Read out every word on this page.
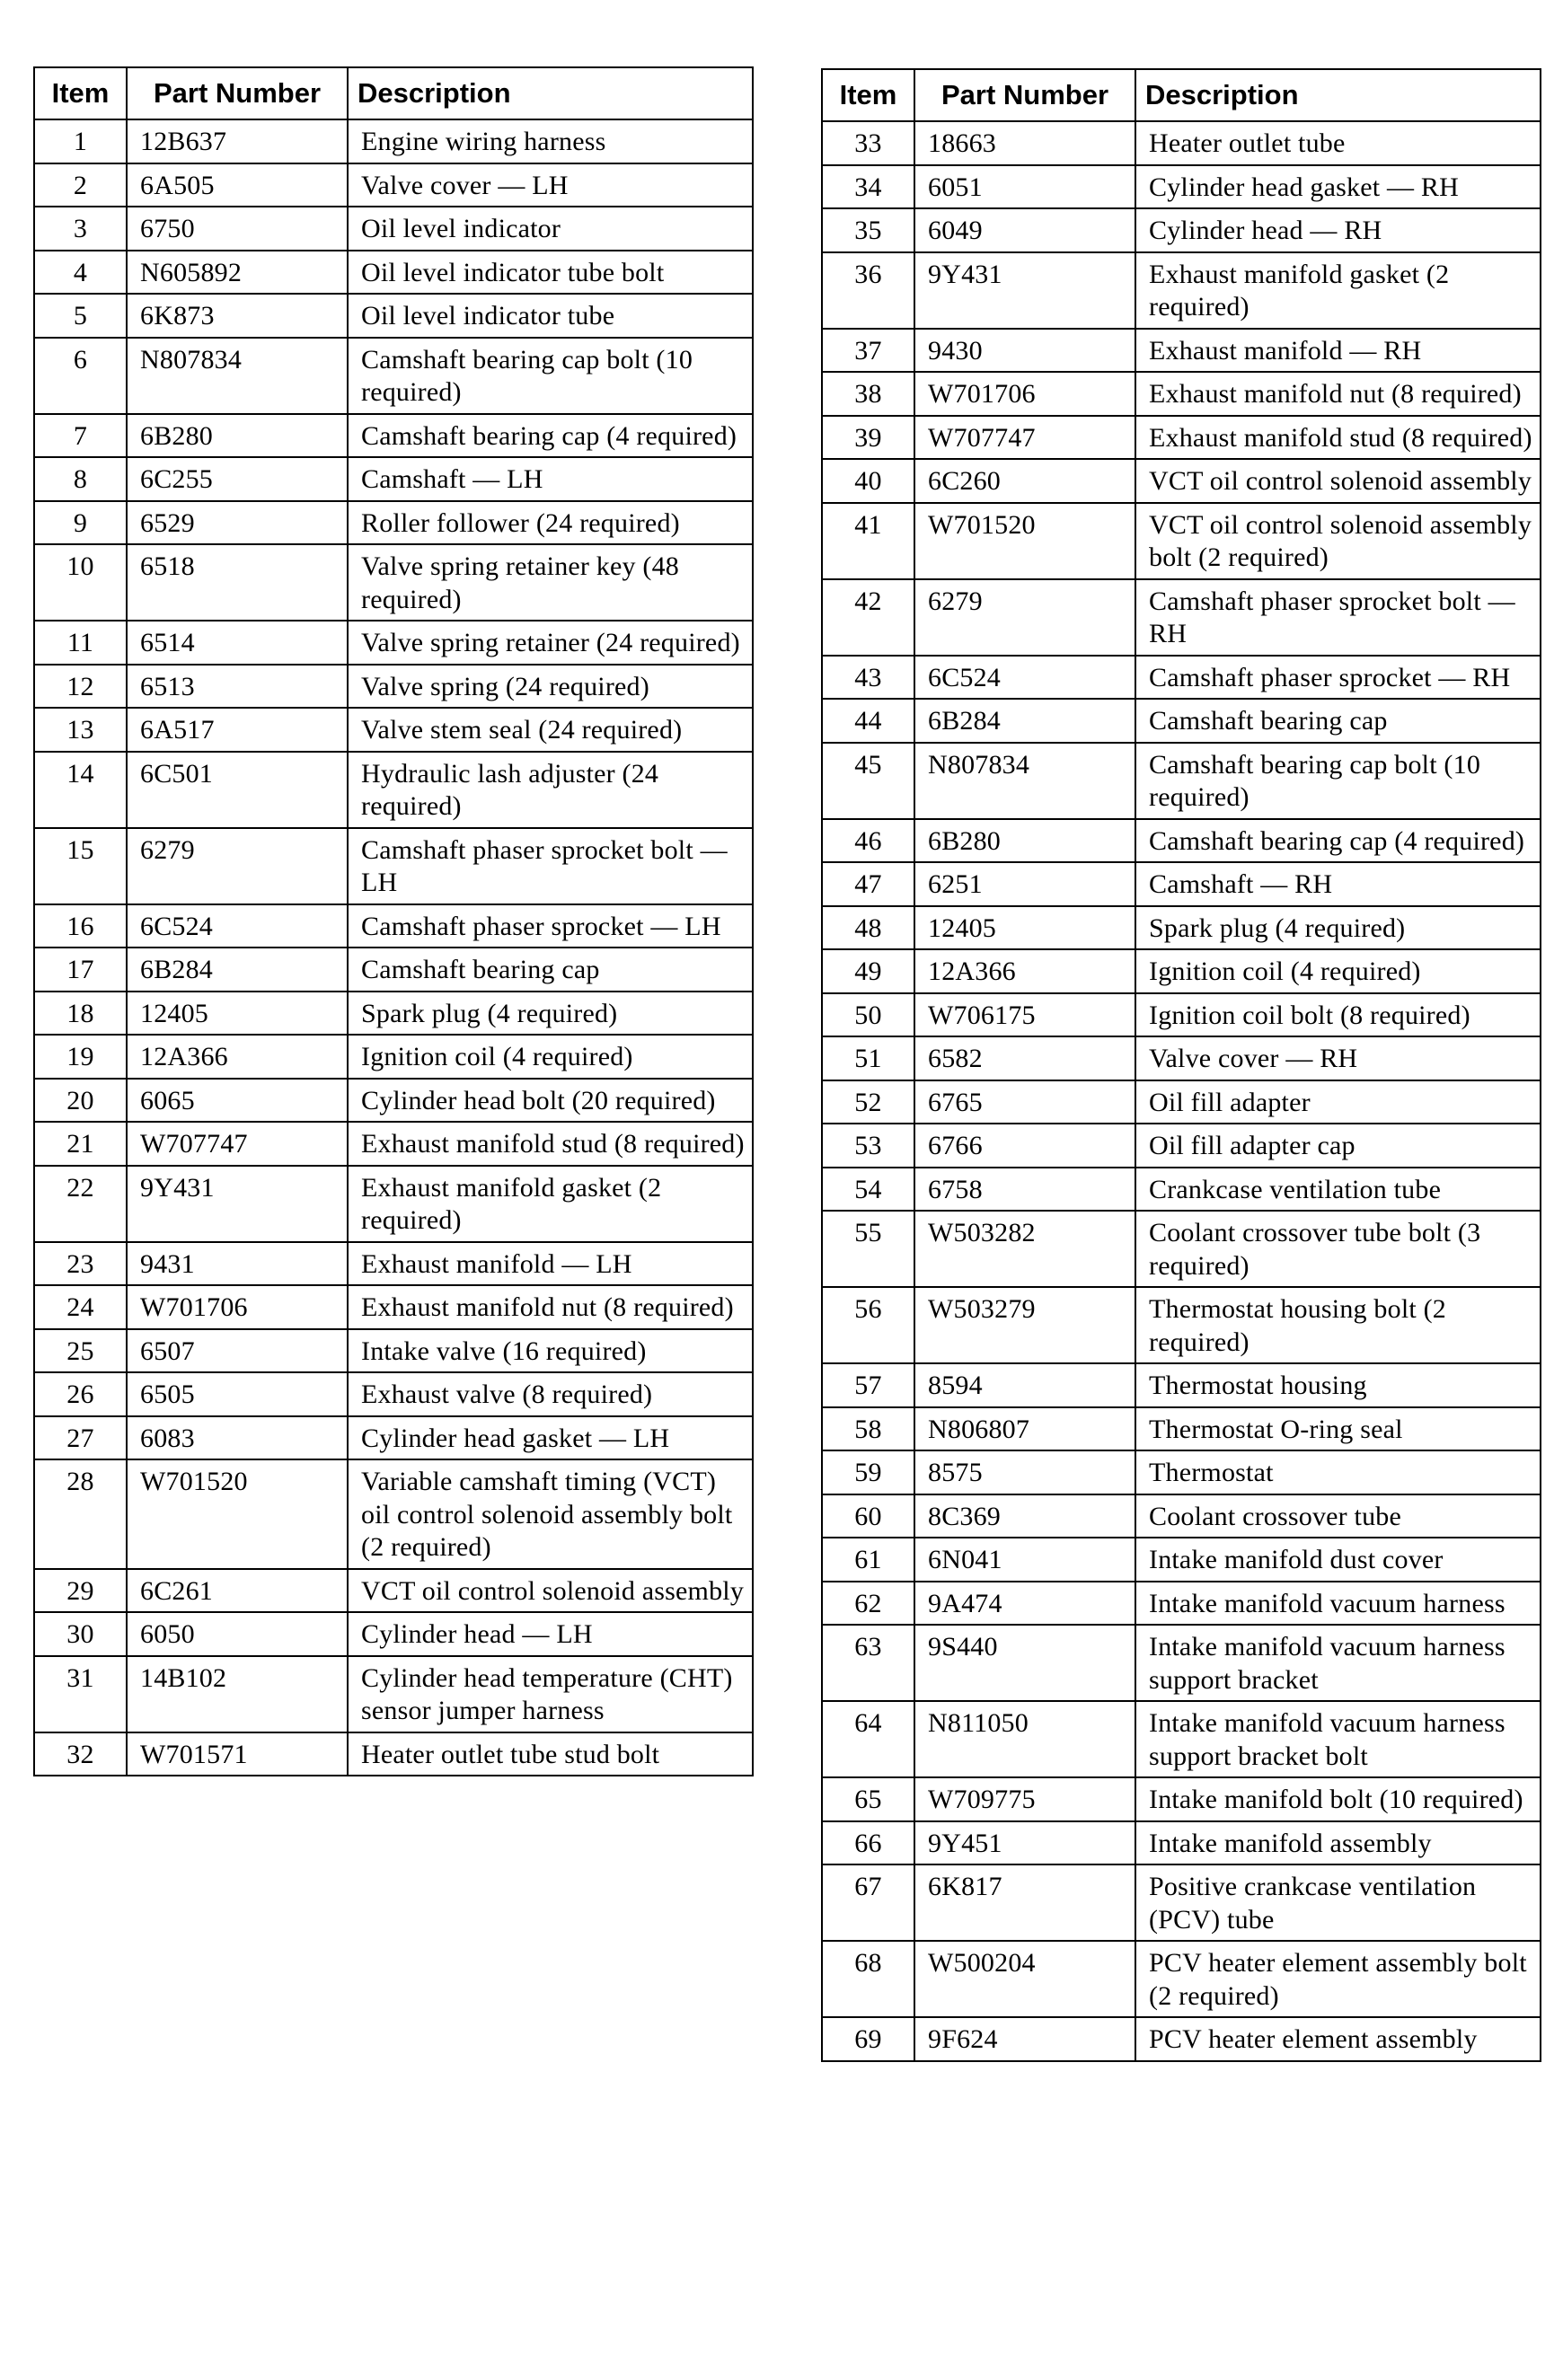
Item	Part Number	Description
1	12B637	Engine wiring harness
2	6A505	Valve cover — LH
3	6750	Oil level indicator
4	N605892	Oil level indicator tube bolt
5	6K873	Oil level indicator tube
6	N807834	Camshaft bearing cap bolt (10 required)
7	6B280	Camshaft bearing cap (4 required)
8	6C255	Camshaft — LH
9	6529	Roller follower (24 required)
10	6518	Valve spring retainer key (48 required)
11	6514	Valve spring retainer (24 required)
12	6513	Valve spring (24 required)
13	6A517	Valve stem seal (24 required)
14	6C501	Hydraulic lash adjuster (24 required)
15	6279	Camshaft phaser sprocket bolt — LH
16	6C524	Camshaft phaser sprocket — LH
17	6B284	Camshaft bearing cap
18	12405	Spark plug (4 required)
19	12A366	Ignition coil (4 required)
20	6065	Cylinder head bolt (20 required)
21	W707747	Exhaust manifold stud (8 required)
22	9Y431	Exhaust manifold gasket (2 required)
23	9431	Exhaust manifold — LH
24	W701706	Exhaust manifold nut (8 required)
25	6507	Intake valve (16 required)
26	6505	Exhaust valve (8 required)
27	6083	Cylinder head gasket — LH
28	W701520	Variable camshaft timing (VCT) oil control solenoid assembly bolt (2 required)
29	6C261	VCT oil control solenoid assembly
30	6050	Cylinder head — LH
31	14B102	Cylinder head temperature (CHT) sensor jumper harness
32	W701571	Heater outlet tube stud bolt
Item	Part Number	Description
33	18663	Heater outlet tube
34	6051	Cylinder head gasket — RH
35	6049	Cylinder head — RH
36	9Y431	Exhaust manifold gasket (2 required)
37	9430	Exhaust manifold — RH
38	W701706	Exhaust manifold nut (8 required)
39	W707747	Exhaust manifold stud (8 required)
40	6C260	VCT oil control solenoid assembly
41	W701520	VCT oil control solenoid assembly bolt (2 required)
42	6279	Camshaft phaser sprocket bolt — RH
43	6C524	Camshaft phaser sprocket — RH
44	6B284	Camshaft bearing cap
45	N807834	Camshaft bearing cap bolt (10 required)
46	6B280	Camshaft bearing cap (4 required)
47	6251	Camshaft — RH
48	12405	Spark plug (4 required)
49	12A366	Ignition coil (4 required)
50	W706175	Ignition coil bolt (8 required)
51	6582	Valve cover — RH
52	6765	Oil fill adapter
53	6766	Oil fill adapter cap
54	6758	Crankcase ventilation tube
55	W503282	Coolant crossover tube bolt (3 required)
56	W503279	Thermostat housing bolt (2 required)
57	8594	Thermostat housing
58	N806807	Thermostat O-ring seal
59	8575	Thermostat
60	8C369	Coolant crossover tube
61	6N041	Intake manifold dust cover
62	9A474	Intake manifold vacuum harness
63	9S440	Intake manifold vacuum harness support bracket
64	N811050	Intake manifold vacuum harness support bracket bolt
65	W709775	Intake manifold bolt (10 required)
66	9Y451	Intake manifold assembly
67	6K817	Positive crankcase ventilation (PCV) tube
68	W500204	PCV heater element assembly bolt (2 required)
69	9F624	PCV heater element assembly
